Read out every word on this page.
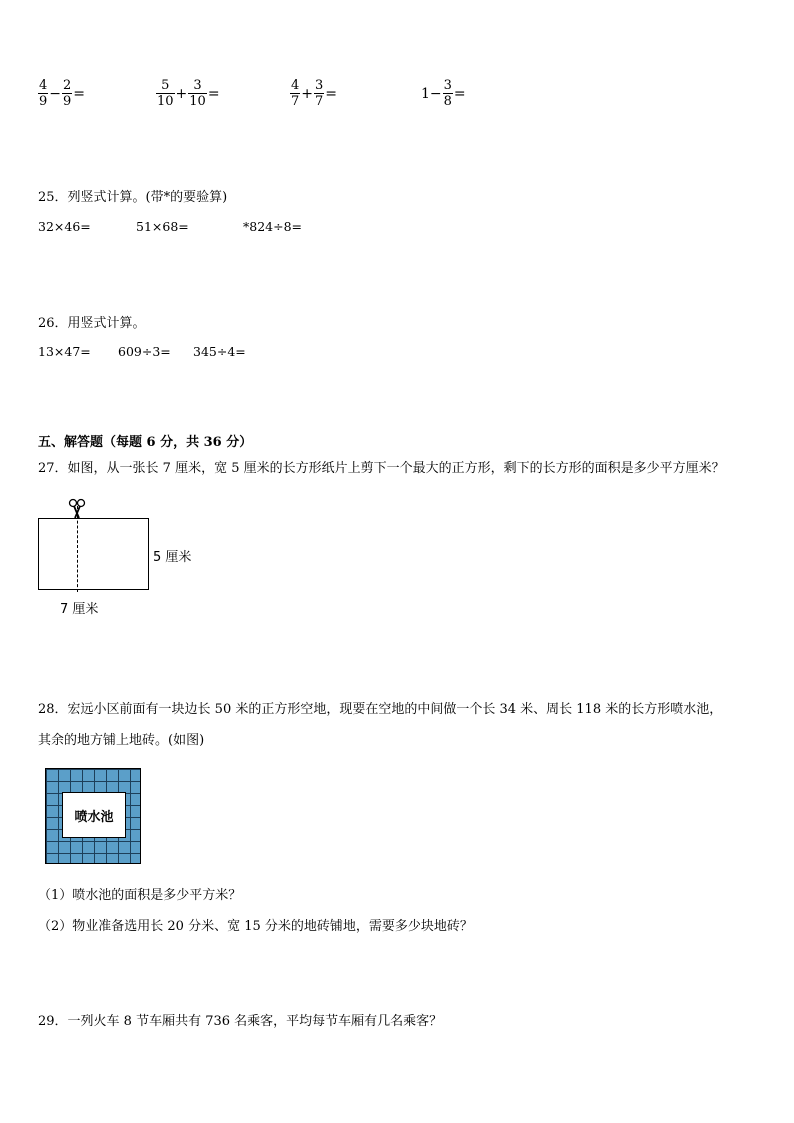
$\frac{4}{9} - \frac{2}{9}$ =	$\frac{5}{10} + \frac{3}{10}$ =	$\frac{4}{7} + \frac{3}{7}$ =	$1- \frac{3}{8}$ =
25．列竖式计算。(带*的要验算)
32×46=	51×68=	*824÷8=
26．用竖式计算。
13×47= 609÷3= 345÷4=
五、解答题（每题 6 分，共 36 分）
27．如图，从一张长 7 厘米，宽 5 厘米的长方形纸片上剪下一个最大的正方形，剩下的长方形的面积是多少平方厘米？
5 厘米
7 厘米
28．宏远小区前面有一块边长 50 米的正方形空地，现要在空地的中间做一个长 34 米、周长 118 米的长方形喷水池，
其余的地方铺上地砖。(如图)
喷水池
（1）喷水池的面积是多少平方米？
（2）物业准备选用长 20 分米、宽 15 分米的地砖铺地，需要多少块地砖？
29．一列火车 8 节车厢共有 736 名乘客，平均每节车厢有几名乘客？
